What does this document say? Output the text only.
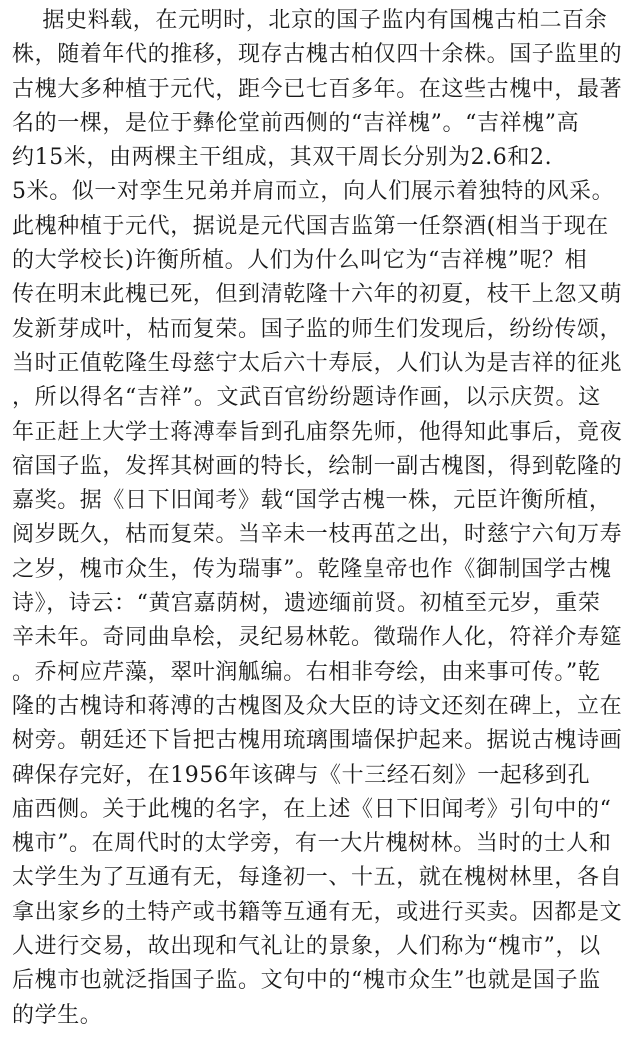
据史料载，在元明时，北京的国子监内有国槐古柏二百余
株，随着年代的推移，现存古槐古柏仅四十余株。国子监里的
古槐大多种植于元代，距今已七百多年。在这些古槐中，最著
名的一棵，是位于彝伦堂前西侧的“吉祥槐”。“吉祥槐”高
约15米，由两棵主干组成，其双干周长分别为2.6和2.
5米。似一对孪生兄弟并肩而立，向人们展示着独特的风采。
此槐种植于元代，据说是元代国吉监第一任祭酒(相当于现在
的大学校长)许衡所植。人们为什么叫它为“吉祥槐”呢？相
传在明末此槐已死，但到清乾隆十六年的初夏，枝干上忽又萌
发新芽成叶，枯而复荣。国子监的师生们发现后，纷纷传颂，
当时正值乾隆生母慈宁太后六十寿辰，人们认为是吉祥的征兆
，所以得名“吉祥”。文武百官纷纷题诗作画，以示庆贺。这
年正赶上大学士蒋溥奉旨到孔庙祭先师，他得知此事后，竟夜
宿国子监，发挥其树画的特长，绘制一副古槐图，得到乾隆的
嘉奖。据《日下旧闻考》载“国学古槐一株，元臣许衡所植，
阅岁既久，枯而复荣。当辛未一枝再茁之出，时慈宁六旬万寿
之岁，槐市众生，传为瑞事”。乾隆皇帝也作《御制国学古槐
诗》，诗云：“黄宫嘉荫树，遗迹缅前贤。初植至元岁，重荣
辛未年。奇同曲阜桧，灵纪易林乾。徵瑞作人化，符祥介寿筵
。乔柯应芹藻，翠叶润觚编。右相非夸绘，由来事可传。”乾
隆的古槐诗和蒋溥的古槐图及众大臣的诗文还刻在碑上，立在
树旁。朝廷还下旨把古槐用琉璃围墙保护起来。据说古槐诗画
碑保存完好，在1956年该碑与《十三经石刻》一起移到孔
庙西侧。关于此槐的名字，在上述《日下旧闻考》引句中的“
槐市”。在周代时的太学旁，有一大片槐树林。当时的士人和
太学生为了互通有无，每逢初一、十五，就在槐树林里，各自
拿出家乡的土特产或书籍等互通有无，或进行买卖。因都是文
人进行交易，故出现和气礼让的景象，人们称为“槐市”，以
后槐市也就泛指国子监。文句中的“槐市众生”也就是国子监
的学生。
